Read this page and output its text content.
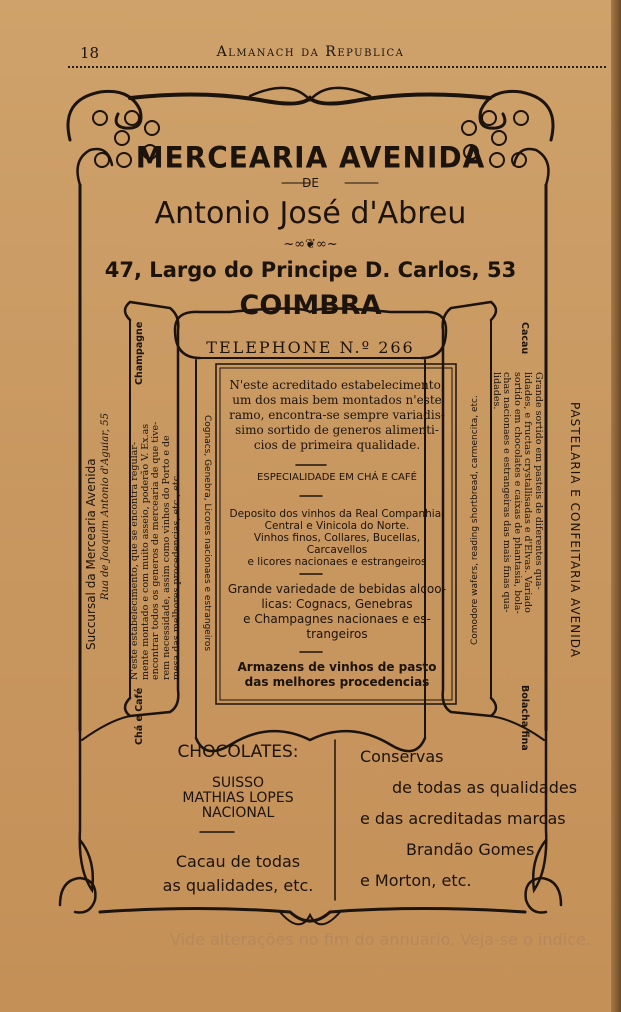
18	Almanach da Republica
MERCEARIA AVENIDA
DE
Antonio José d'Abreu
~∞❦∞~
47, Largo do Principe D. Carlos, 53
COIMBRA
TELEPHONE N.º 266
N'este acreditado estabelecimento,
um dos mais bem montados n'este
ramo, encontra-se sempre variadis-
simo sortido de generos alimenti-
cios de primeira qualidade.
ESPECIALIDADE EM CHÁ E CAFÉ
Deposito dos vinhos da Real Companhia,
Central e Vinicola do Norte.
Vinhos finos, Collares, Bucellas,
Carcavellos
e licores nacionaes e estrangeiros
Grande variedade de bebidas alcoo-
licas: Cognacs, Genebras
e Champagnes nacionaes e es-
trangeiros
Armazens de vinhos de pasto
das melhores procedencias
Succursal da Mercearia Avenida Rua de Joaquim Antonio d'Aguiar, 55
Champagne
Chá e Café
N'este estabelecimento, que se encontra regular- mente montado e com muito asseio, poderão V. Ex.as encontrar todos os generos de mercearia de que tive- rem necessidade, assim como vinhos do Porto e de mesa das melhores procedencias, etc., etc. Cognacs, Genebra, Licores nacionaes e estrangeiros	PASTELARIA E CONFEITARIA AVENIDA
Cacau
Bolacha fina
Grande sortido em pasteis de diferentes qua-
lidades, e fructas crystallisadas e d'Elvas. Variado
sortido em chocolates e caixas de phantasia, bola-
chas nacionaes e estrangeiras das mais finas qua-
lidades.
Comodore wafers, reading shortbread, carmencita, etc.
CHOCOLATES:
SUISSO
MATHIAS LOPES
NACIONAL
Cacau de todas
as qualidades, etc.
Conservas
de todas as qualidades
e das acreditadas marcas
Brandão Gomes
e Morton, etc.
Vide alterações no fim do annuario. Veja-se o indice.
